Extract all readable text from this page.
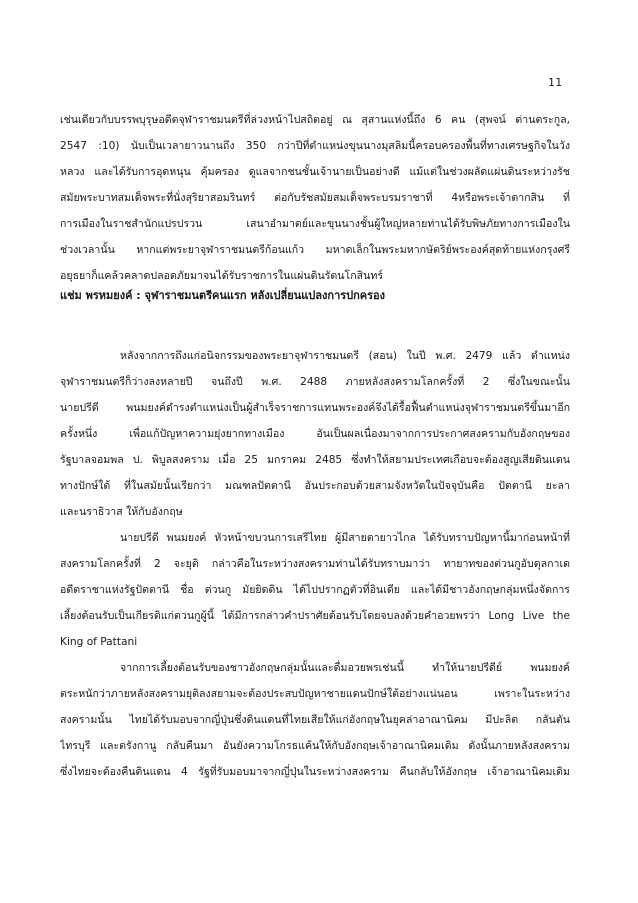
11
เช่นเดียวกับบรรพบุรุษอดีตจุฬาราชมนตรีที่ล่วงหน้าไปสถิตอยู่ ณ สุสานแห่งนี้ถึง 6 คน (สุพจน์ ด่านตระกูล,
2547 :10) นับเป็นเวลายาวนานถึง 350 กว่าปีที่ตำแหน่งขุนนางมุสลิมนี้ครอบครองพื้นที่ทางเศรษฐกิจในวัง
หลวง และได้รับการอุดหนุน คุ้มครอง ดูแลจากชนชั้นเจ้านายเป็นอย่างดี แม้แต่ในช่วงผลัดแผ่นดินระหว่างรัช
สมัยพระบาทสมเด็จพระที่นั่งสุริยาสอมรินทร์ ต่อกับรัชสมัยสมเด็จพระบรมราชาที่ 4หรือพระเจ้าตากสิน ที่
การเมืองในราชสำนักแปรปรวน เสนาอำมาตย์และขุนนางชั้นผู้ใหญ่หลายท่านได้รับพิษภัยทางการเมืองใน
ช่วงเวลานั้น หากแต่พระยาจุฬาราชมนตรีก้อนแก้ว มหาดเล็กในพระมหากษัตริย์พระองค์สุดท้ายแห่งกรุงศรี
อยุธยาก็แคล้วคลาดปลอดภัยมาจนได้รับราชการในแผ่นดินรัตนโกสินทร์
แช่ม พรหมยงค์ : จุฬาราชมนตรีคนแรก หลังเปลี่ยนแปลงการปกครอง
หลังจากการถึงแก่อนิจกรรมของพระยาจุฬาราชมนตรี (สอน) ในปี พ.ศ. 2479 แล้ว ตำแหน่ง
จุฬาราชมนตรีก็ว่างลงหลายปี จนถึงปี พ.ศ. 2488 ภายหลังสงครามโลกครั้งที่ 2 ซึ่งในขณะนั้น
นายปรีดี พนมยงค์ดำรงตำแหน่งเป็นผู้สำเร็จราชการแทนพระองค์จึงได้รื้อฟื้นตำแหน่งจุฬาราชมนตรีขึ้นมาอีก
ครั้งหนึ่ง เพื่อแก้ปัญหาความยุ่งยากทางเมือง อันเป็นผลเนื่องมาจากการประกาศสงครามกับอังกฤษของ
รัฐบาลจอมพล ป. พิบูลสงคราม เมื่อ 25 มกราคม 2485 ซึ่งทำให้สยามประเทศเกือบจะต้องสูญเสียดินแดน
ทางปักษ์ใต้ ที่ในสมัยนั้นเรียกว่า มณฑลปัตตานี อันประกอบด้วยสามจังหวัดในปัจจุบันคือ ปัตตานี ยะลา
และนราธิวาส ให้กับอังกฤษ
นายปรีดี พนมยงค์ หัวหน้าขบวนการเสรีไทย ผู้มีสายตายาวไกล ได้รับทราบปัญหานี้มาก่อนหน้าที่
สงครามโลกครั้งที่ 2 จะยุติ กล่าวคือในระหว่างสงครามท่านได้รับทราบมาว่า ทายาทของต่วนกูอับดุลกาเด
อดีตราชาแห่งรัฐปัตตานี ชื่อ ต่วนกู มัยยิดดิน ได้ไปปรากฏตัวที่อินเดีย และได้มีชาวอังกฤษกลุ่มหนึ่งจัดการ
เลี้ยงต้อนรับเป็นเกียรติแก่ตวนกูผู้นี้ ได้มีการกล่าวคำปราศัยต้อนรับโดยจบลงด้วยคำอวยพรว่า Long Live the
King of Pattani
จากการเลี้ยงต้อนรับของชาวอังกฤษกลุ่มนั้นและดื่มอวยพรเช่นนี้ ทำให้นายปรีดีย์ พนมยงค์
ตระหนักว่าภายหลังสงครามยุติลงสยามจะต้องประสบปัญหาชายแดนปักษ์ใต้อย่างแน่นอน เพราะในระหว่าง
สงครามนั้น ไทยได้รับมอบจากญี่ปุ่นซึ่งดินแดนที่ไทยเสียให้แก่อังกฤษในยุคล่าอาณานิคม มีปะลิต กลันตัน
ไทรบุรี และตรังกานู กลับคืนมา อันยังความโกรธแค้นให้กับอังกฤษเจ้าอาณานิคมเดิม ดังนั้นภายหลังสงคราม
ซึ่งไทยจะต้องคืนดินแดน 4 รัฐที่รับมอบมาจากญี่ปุ่นในระหว่างสงคราม คืนกลับให้อังกฤษ เจ้าอาณานิคมเดิม
